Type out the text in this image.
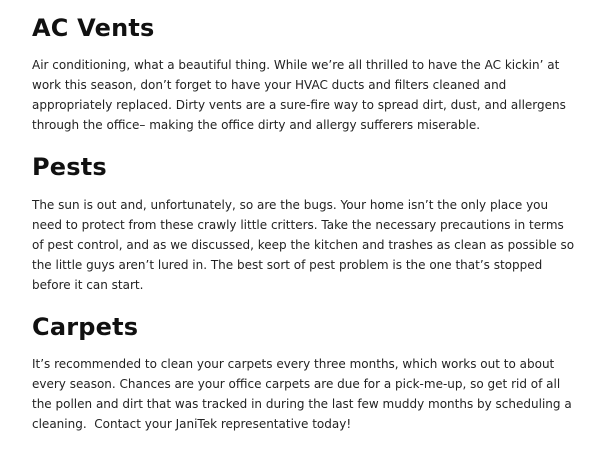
AC Vents

Air conditioning, what a beautiful thing. While we’re all thrilled to have the AC kickin’ at work this season, don’t forget to have your HVAC ducts and filters cleaned and appropriately replaced. Dirty vents are a sure-fire way to spread dirt, dust, and allergens through the office– making the office dirty and allergy sufferers miserable.

Pests

The sun is out and, unfortunately, so are the bugs. Your home isn’t the only place you need to protect from these crawly little critters. Take the necessary precautions in terms of pest control, and as we discussed, keep the kitchen and trashes as clean as possible so the little guys aren’t lured in. The best sort of pest problem is the one that’s stopped before it can start.

Carpets

It’s recommended to clean your carpets every three months, which works out to about every season. Chances are your office carpets are due for a pick-me-up, so get rid of all the pollen and dirt that was tracked in during the last few muddy months by scheduling a cleaning.  Contact your JaniTek representative today!
